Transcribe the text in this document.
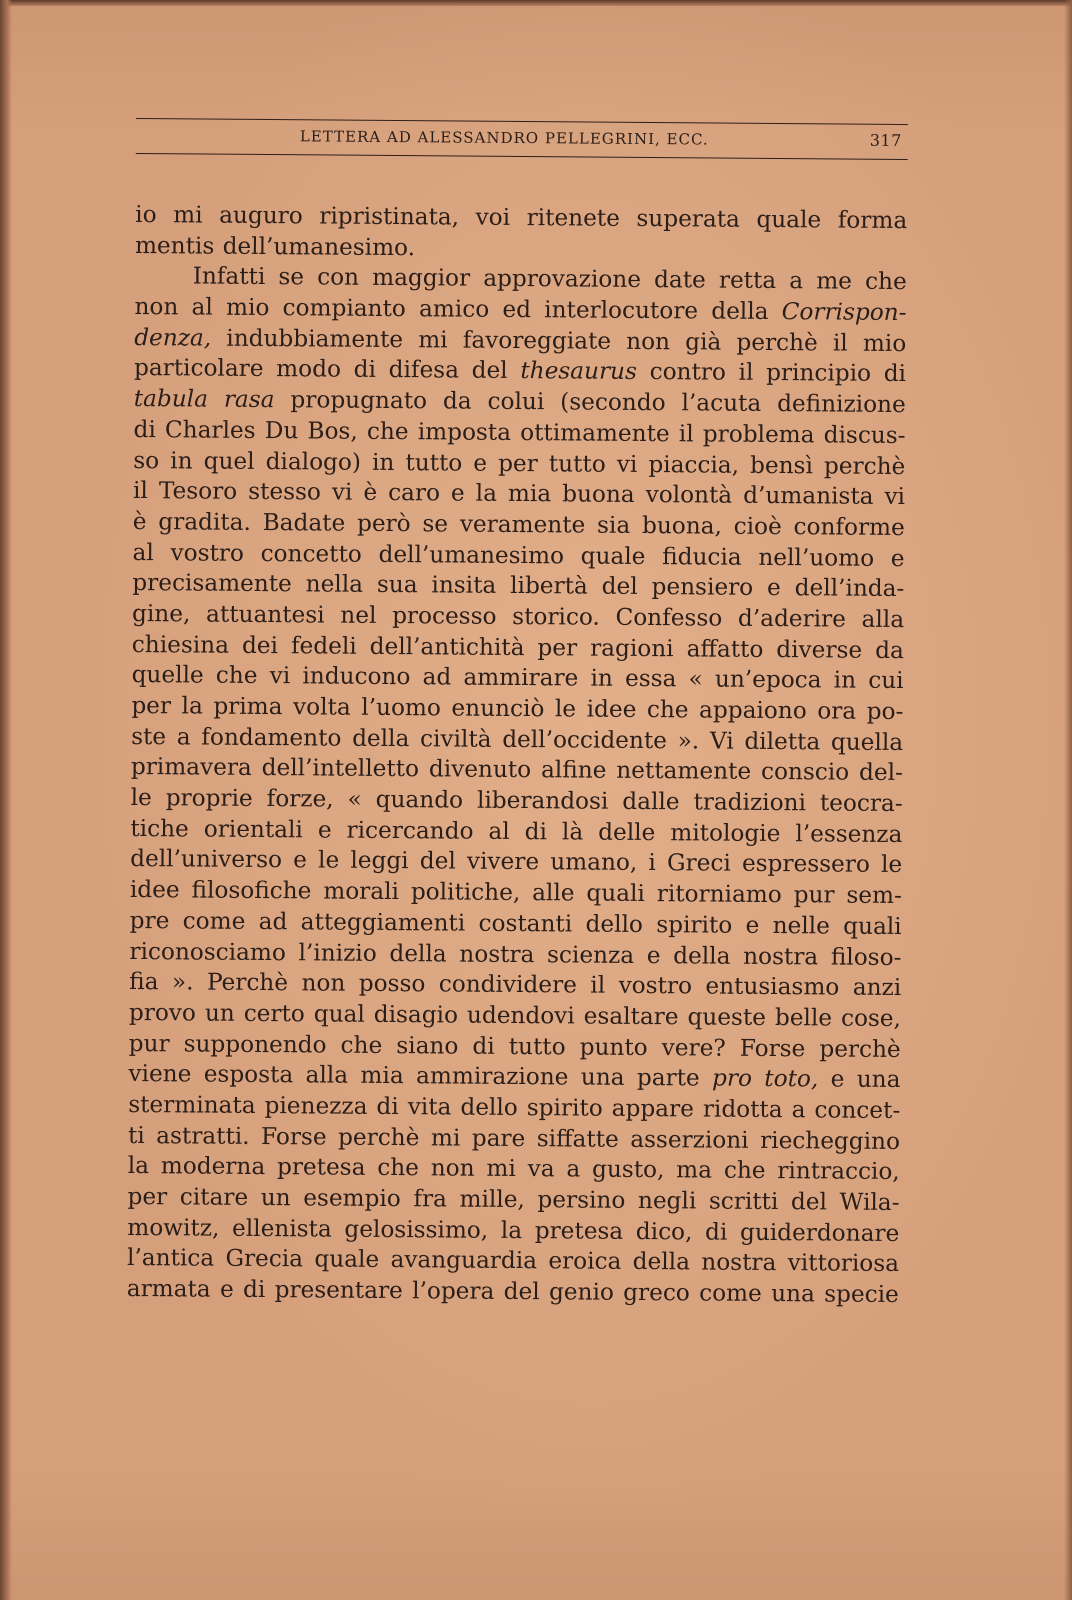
LETTERA AD ALESSANDRO PELLEGRINI, ECC.	317
io mi auguro ripristinata, voi ritenete superata quale forma
mentis dell’umanesimo.
Infatti se con maggior approvazione date retta a me che
non al mio compianto amico ed interlocutore della Corrispon-
denza, indubbiamente mi favoreggiate non già perchè il mio
particolare modo di difesa del thesaurus contro il principio di
tabula rasa propugnato da colui (secondo l’acuta definizione
di Charles Du Bos, che imposta ottimamente il problema discus-
so in quel dialogo) in tutto e per tutto vi piaccia, bensì perchè
il Tesoro stesso vi è caro e la mia buona volontà d’umanista vi
è gradita. Badate però se veramente sia buona, cioè conforme
al vostro concetto dell’umanesimo quale fiducia nell’uomo e
precisamente nella sua insita libertà del pensiero e dell’inda-
gine, attuantesi nel processo storico. Confesso d’aderire alla
chiesina dei fedeli dell’antichità per ragioni affatto diverse da
quelle che vi inducono ad ammirare in essa « un’epoca in cui
per la prima volta l’uomo enunciò le idee che appaiono ora po-
ste a fondamento della civiltà dell’occidente ». Vi diletta quella
primavera dell’intelletto divenuto alfine nettamente conscio del-
le proprie forze, « quando liberandosi dalle tradizioni teocra-
tiche orientali e ricercando al di là delle mitologie l’essenza
dell’universo e le leggi del vivere umano, i Greci espressero le
idee filosofiche morali politiche, alle quali ritorniamo pur sem-
pre come ad atteggiamenti costanti dello spirito e nelle quali
riconosciamo l’inizio della nostra scienza e della nostra filoso-
fia ». Perchè non posso condividere il vostro entusiasmo anzi
provo un certo qual disagio udendovi esaltare queste belle cose,
pur supponendo che siano di tutto punto vere? Forse perchè
viene esposta alla mia ammirazione una parte pro toto, e una
sterminata pienezza di vita dello spirito appare ridotta a concet-
ti astratti. Forse perchè mi pare siffatte asserzioni riecheggino
la moderna pretesa che non mi va a gusto, ma che rintraccio,
per citare un esempio fra mille, persino negli scritti del Wila-
mowitz, ellenista gelosissimo, la pretesa dico, di guiderdonare
l’antica Grecia quale avanguardia eroica della nostra vittoriosa
armata e di presentare l’opera del genio greco come una specie
